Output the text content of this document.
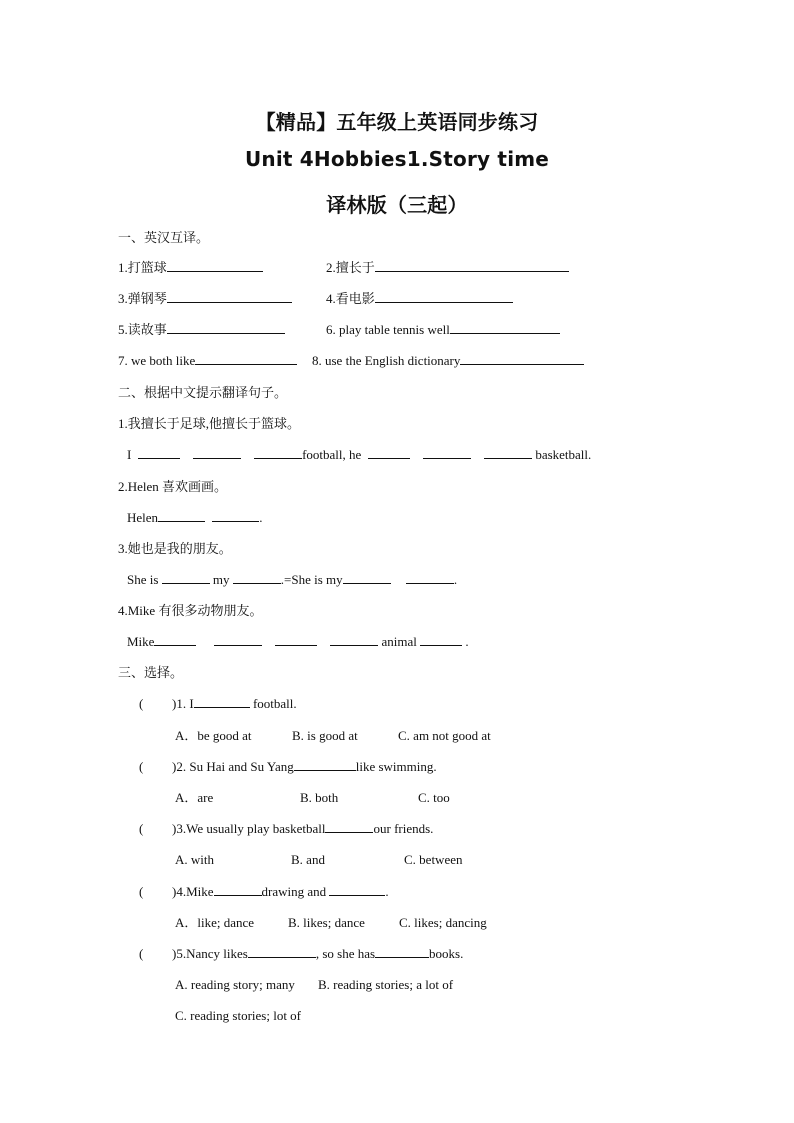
【精品】五年级上英语同步练习
Unit 4Hobbies1.Story time
译林版（三起）
一、英汉互译。
1.打篮球	2.擅长于
3.弹钢琴	4.看电影
5.读故事	6. play table tennis well
7. we both like	8. use the English dictionary
二、根据中文提示翻译句子。
1.我擅长于足球,他擅长于篮球。
I	football, he	basketball.
2.Helen 喜欢画画。
Helen	.
3.她也是我的朋友。
She is	my	.=She is my	.
4.Mike 有很多动物朋友。
Mike	animal	.
三、选择。
( )1. I	football.
A．be good at	B. is good at	C. am not good at
( )2. Su Hai and Su Yang	like swimming.
A．are	B. both	C. too
( )3.We usually play basketball	our friends.
A. with	B. and	C. between
( )4.Mike	drawing and	.
A．like; dance	B. likes; dance	C. likes; dancing
( )5.Nancy likes	, so she has	books.
A. reading story; many B. reading stories; a lot of
C. reading stories; lot of
